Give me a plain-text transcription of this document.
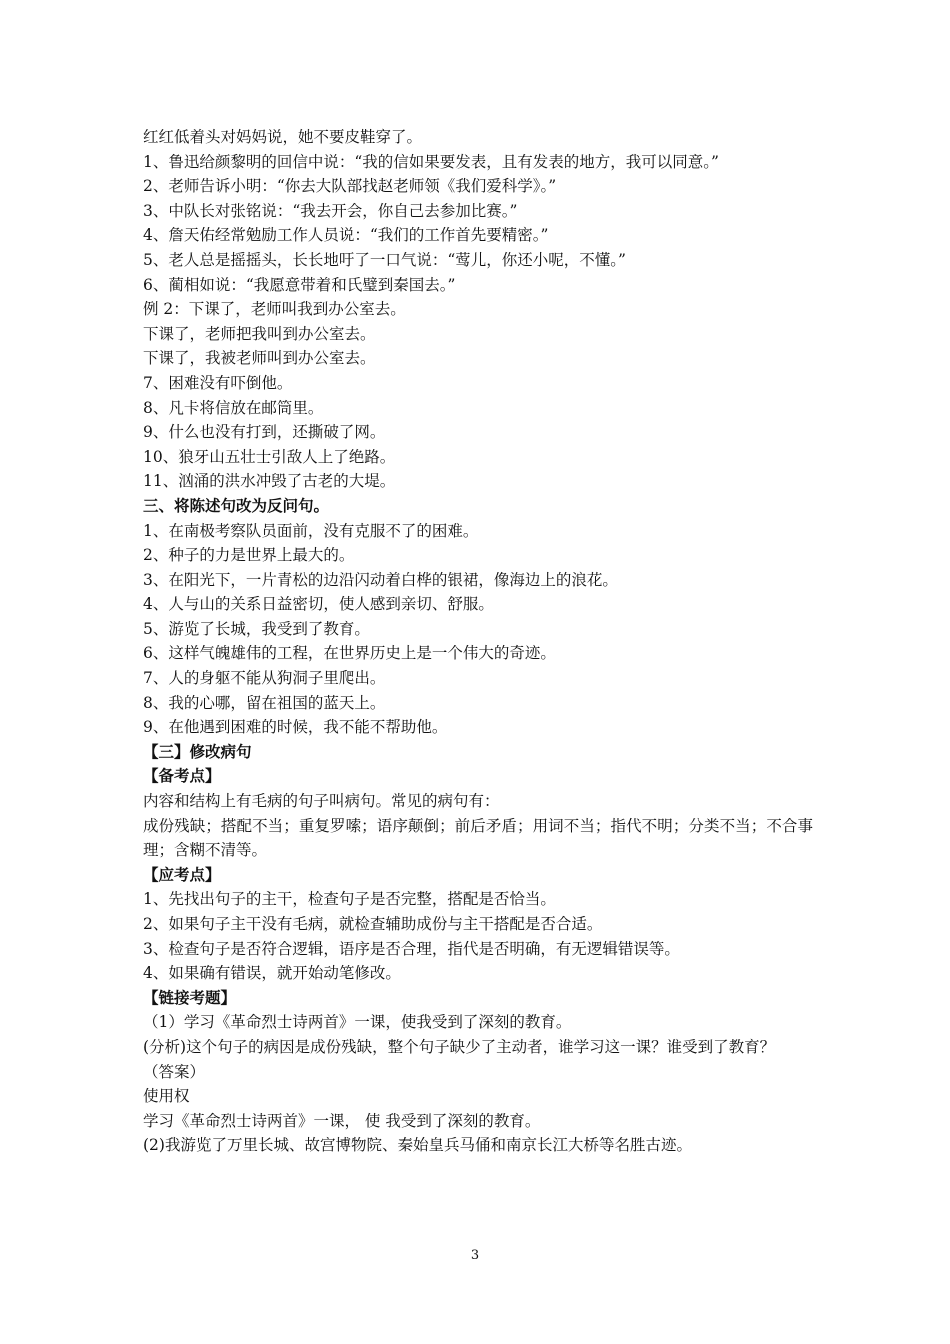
红红低着头对妈妈说，她不要皮鞋穿了。
1、鲁迅给颜黎明的回信中说：“我的信如果要发表，且有发表的地方，我可以同意。”
2、老师告诉小明：“你去大队部找赵老师领《我们爱科学》。”
3、中队长对张铭说：“我去开会，你自己去参加比赛。”
4、詹天佑经常勉励工作人员说：“我们的工作首先要精密。”
5、老人总是摇摇头，长长地吁了一口气说：“莺儿，你还小呢，不懂。”
6、蔺相如说：“我愿意带着和氏璧到秦国去。”
例 2：下课了，老师叫我到办公室去。
下课了，老师把我叫到办公室去。
下课了，我被老师叫到办公室去。
7、困难没有吓倒他。
8、凡卡将信放在邮筒里。
9、什么也没有打到，还撕破了网。
10、狼牙山五壮士引敌人上了绝路。
11、汹涌的洪水冲毁了古老的大堤。
三、将陈述句改为反问句。
1、在南极考察队员面前，没有克服不了的困难。
2、种子的力是世界上最大的。
3、在阳光下，一片青松的边沿闪动着白桦的银裙，像海边上的浪花。
4、人与山的关系日益密切，使人感到亲切、舒服。
5、游览了长城，我受到了教育。
6、这样气魄雄伟的工程，在世界历史上是一个伟大的奇迹。
7、人的身躯不能从狗洞子里爬出。
8、我的心哪，留在祖国的蓝天上。
9、在他遇到困难的时候，我不能不帮助他。
【三】修改病句
【备考点】
内容和结构上有毛病的句子叫病句。常见的病句有：
成份残缺；搭配不当；重复罗嗦；语序颠倒；前后矛盾；用词不当；指代不明；分类不当；不合事理；含糊不清等。
【应考点】
1、先找出句子的主干，检查句子是否完整，搭配是否恰当。
2、如果句子主干没有毛病，就检查辅助成份与主干搭配是否合适。
3、检查句子是否符合逻辑，语序是否合理，指代是否明确，有无逻辑错误等。
4、如果确有错误，就开始动笔修改。
【链接考题】
（1）学习《革命烈士诗两首》一课，使我受到了深刻的教育。
(分析)这个句子的病因是成份残缺，整个句子缺少了主动者，谁学习这一课？谁受到了教育？
（答案）
使用权
学习《革命烈士诗两首》一课， 使 我受到了深刻的教育。
(2)我游览了万里长城、故宫博物院、秦始皇兵马俑和南京长江大桥等名胜古迹。
3
